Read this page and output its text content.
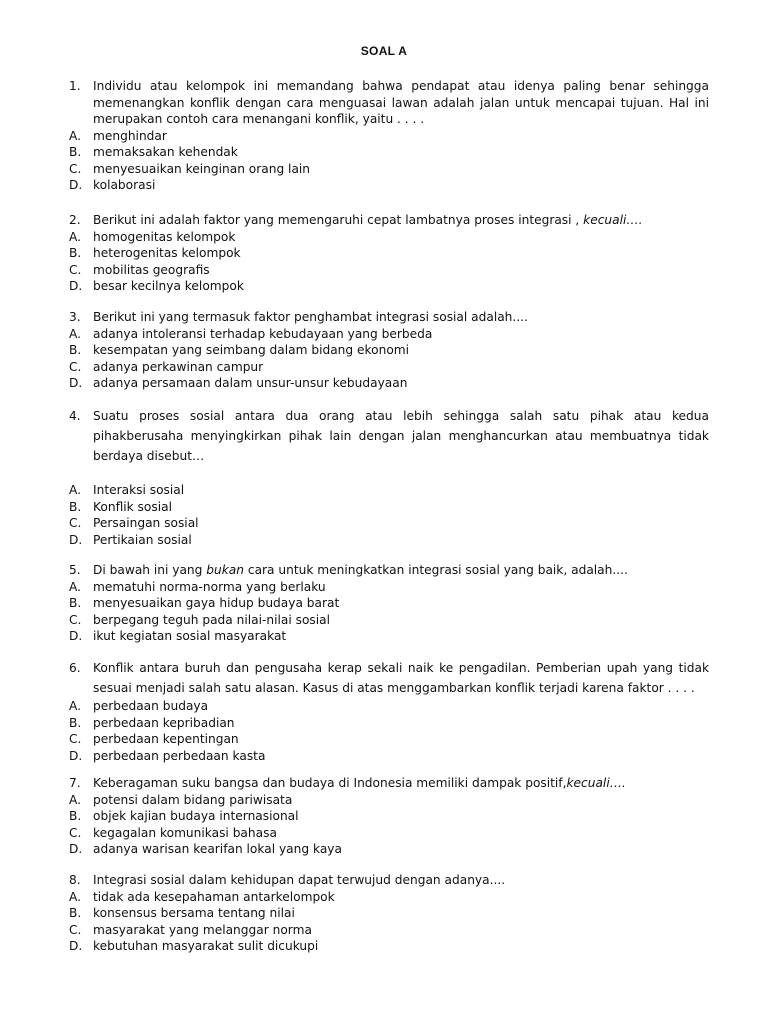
SOAL A
1.	Individu atau kelompok ini memandang bahwa pendapat atau idenya paling benar sehingga memenangkan konflik dengan cara menguasai lawan adalah jalan untuk mencapai tujuan. Hal ini merupakan contoh cara menangani konflik, yaitu . . . .
A. menghindar
B. memaksakan kehendak
C. menyesuaikan keinginan orang lain
D. kolaborasi
2.	Berikut ini adalah faktor yang memengaruhi cepat lambatnya proses integrasi , kecuali….
A. homogenitas kelompok
B. heterogenitas kelompok
C. mobilitas geografis
D. besar kecilnya kelompok
3.	Berikut ini yang termasuk faktor penghambat integrasi sosial adalah....
A. adanya intoleransi terhadap kebudayaan yang berbeda
B. kesempatan yang seimbang dalam bidang ekonomi
C. adanya perkawinan campur
D. adanya persamaan dalam unsur-unsur kebudayaan
4.	Suatu proses sosial antara dua orang atau lebih sehingga salah satu pihak atau kedua pihakberusaha menyingkirkan pihak lain dengan jalan menghancurkan atau membuatnya tidak berdaya disebut…
A. Interaksi sosial
B. Konflik sosial
C. Persaingan sosial
D. Pertikaian sosial
5.	Di bawah ini yang bukan cara untuk meningkatkan integrasi sosial yang baik, adalah....
A. mematuhi norma-norma yang berlaku
B. menyesuaikan gaya hidup budaya barat
C. berpegang teguh pada nilai-nilai sosial
D. ikut kegiatan sosial masyarakat
6.	Konflik antara buruh dan pengusaha kerap sekali naik ke pengadilan. Pemberian upah yang tidak sesuai menjadi salah satu alasan. Kasus di atas menggambarkan konflik terjadi karena faktor . . . .
A. perbedaan budaya
B. perbedaan kepribadian
C. perbedaan kepentingan
D. perbedaan perbedaan kasta
7.	Keberagaman suku bangsa dan budaya di Indonesia memiliki dampak positif,kecuali….
A. potensi dalam bidang pariwisata
B. objek kajian budaya internasional
C. kegagalan komunikasi bahasa
D. adanya warisan kearifan lokal yang kaya
8.	Integrasi sosial dalam kehidupan dapat terwujud dengan adanya....
A. tidak ada kesepahaman antarkelompok
B. konsensus bersama tentang nilai
C. masyarakat yang melanggar norma
D. kebutuhan masyarakat sulit dicukupi
